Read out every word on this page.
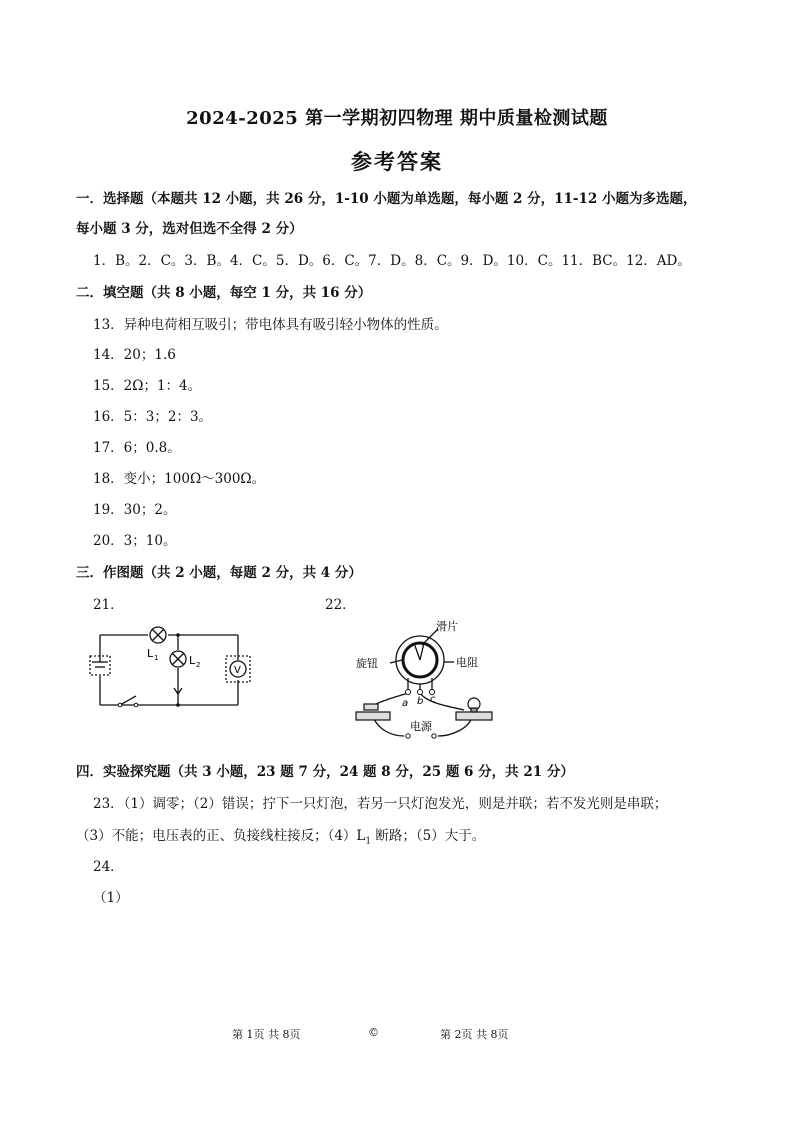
2024-2025 第一学期初四物理 期中质量检测试题
参考答案
一．选择题（本题共 12 小题，共 26 分，1-10 小题为单选题，每小题 2 分，11-12 小题为多选题，
每小题 3 分，选对但选不全得 2 分）
1．B。2．C。3．B。4．C。5．D。6．C。7．D。8．C。9．D。10．C。11．BC。12．AD。
二．填空题（共 8 小题，每空 1 分，共 16 分）
13．异种电荷相互吸引；带电体具有吸引轻小物体的性质。
14．20；1.6
15．2Ω；1：4。
16．5：3；2：3。
17．6；0.8。
18．变小；100Ω～300Ω。
19．30；2。
20．3；10。
三．作图题（共 2 小题，每题 2 分，共 4 分）
21．	22．
L 1	L 2	V
滑片
旋钮	电阻
a b c
电源
四．实验探究题（共 3 小题，23 题 7 分，24 题 8 分，25 题 6 分，共 21 分）
23．（1）调零；（2）错误；拧下一只灯泡，若另一只灯泡发光，则是并联；若不发光则是串联；
（3）不能；电压表的正、负接线柱接反；$(4)L_1$ 断路；（5）大于。
24．
（1）
第 1页 共 8页	©	第 2页 共 8页
